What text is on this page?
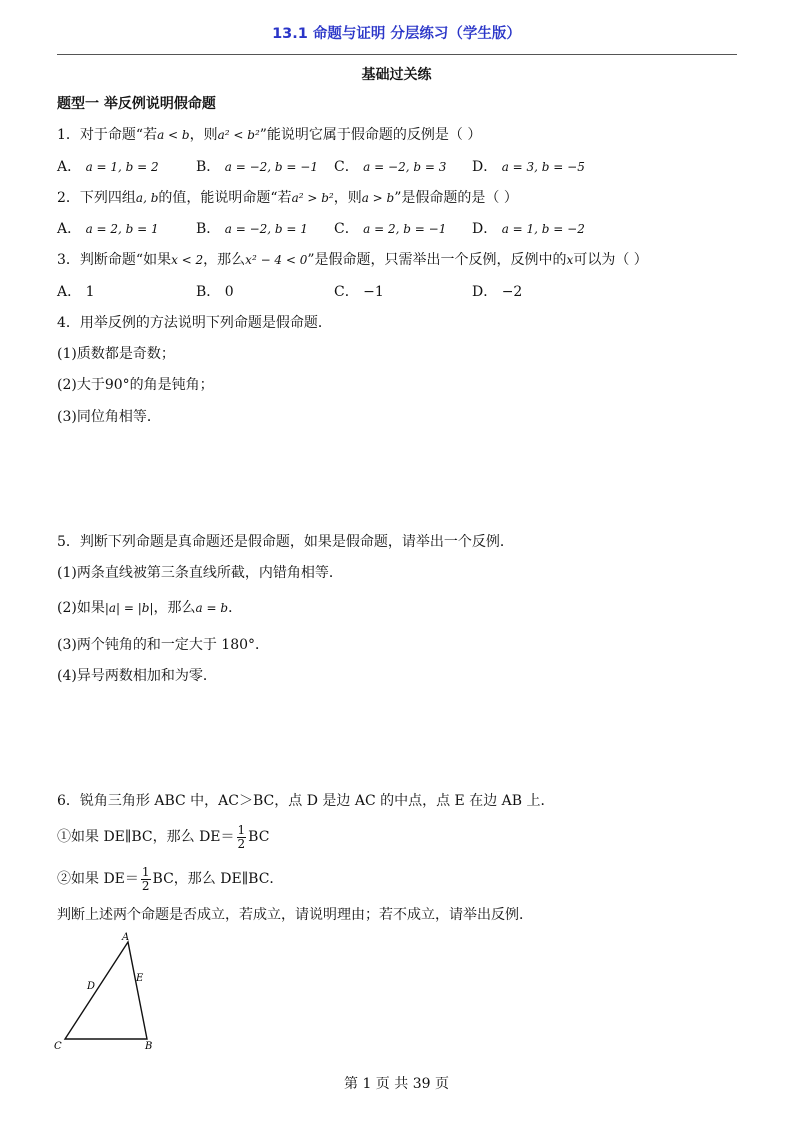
13.1 命题与证明 分层练习（学生版）
基础过关练
题型一 举反例说明假命题
1．对于命题“若a < b，则a² < b²”能说明它属于假命题的反例是（ ）
A． a = 1, b = 2	B． a = −2, b = −1 C． a = −2, b = 3 D． a = 3, b = −5
2．下列四组a, b的值，能说明命题“若a² > b²，则a > b”是假命题的是（ ）
A． a = 2, b = 1	B． a = −2, b = 1 C． a = 2, b = −1 D． a = 1, b = −2
3．判断命题“如果x < 2，那么x² − 4 < 0”是假命题，只需举出一个反例，反例中的x可以为（ ）
A． 1	B． 0	C． −1	D． −2
4．用举反例的方法说明下列命题是假命题．
(1)质数都是奇数；
(2)大于90°的角是钝角；
(3)同位角相等．
5．判断下列命题是真命题还是假命题，如果是假命题，请举出一个反例．
(1)两条直线被第三条直线所截，内错角相等．
(2)如果|a| = |b|，那么a = b．
(3)两个钝角的和一定大于 180°．
(4)异号两数相加和为零．
6．锐角三角形 ABC 中，AC＞BC，点 D 是边 AC 的中点，点 E 在边 AB 上．
①如果 DE∥BC，那么 $DE= \frac{1}{2}$ BC
②如果 $DE= \frac{1}{2}$ BC，那么 DE∥BC．
判断上述两个命题是否成立，若成立，请说明理由；若不成立，请举出反例．
A
C	B
D
E
第 1 页 共 39 页
